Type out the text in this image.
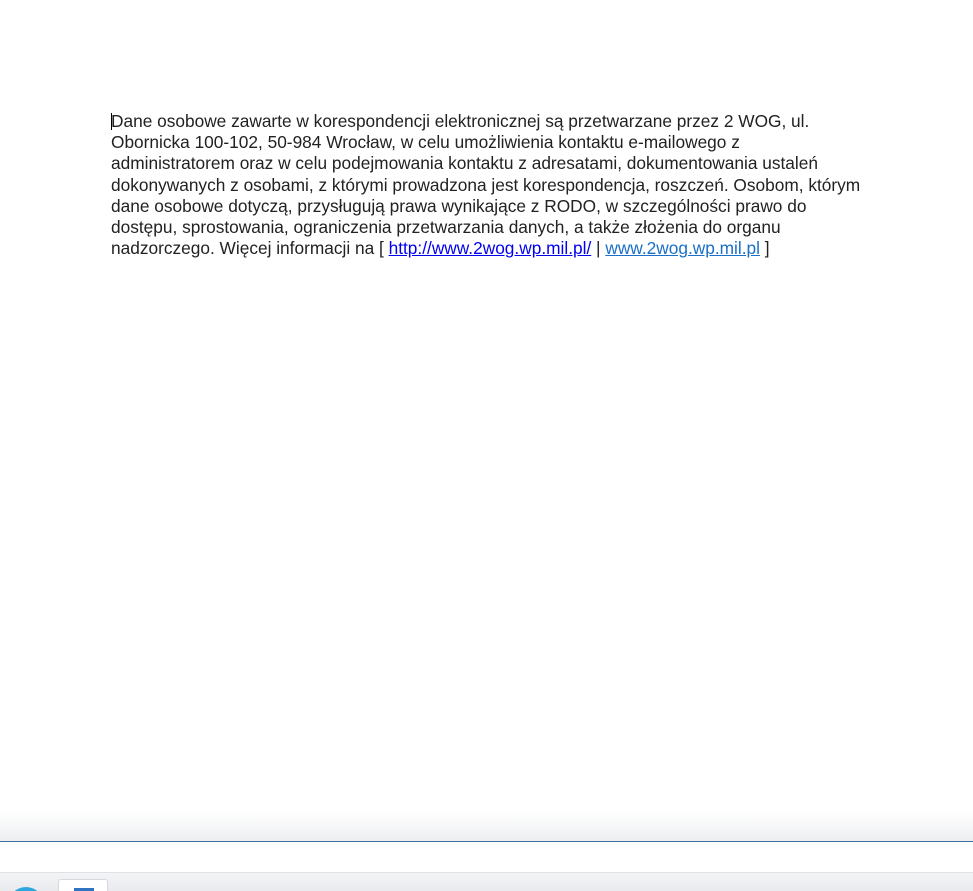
Dane osobowe zawarte w korespondencji elektronicznej są przetwarzane przez 2 WOG, ul. Obornicka 100-102, 50-984 Wrocław, w celu umożliwienia kontaktu e-mailowego z administratorem oraz w celu podejmowania kontaktu z adresatami, dokumentowania ustaleń dokonywanych z osobami, z którymi prowadzona jest korespondencja, roszczeń. Osobom, którym dane osobowe dotyczą, przysługują prawa wynikające z RODO, w szczególności prawo do dostępu, sprostowania, ograniczenia przetwarzania danych, a także złożenia do organu nadzorczego. Więcej informacji na [ http://www.2wog.wp.mil.pl/ | www.2wog.wp.mil.pl ]
